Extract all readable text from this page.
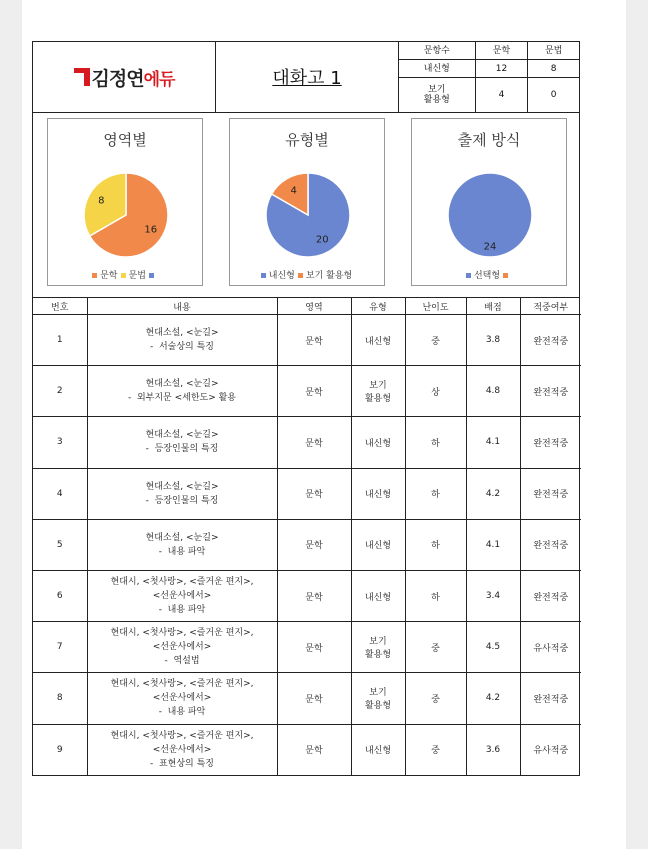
김정연 에듀	대화고 1
문항수	문학	문법
내신형	12	8

보기
활용형	4	0
영역별
16
8
문학 문법
유형별
20
4
내신형 보기 활용형
출제 방식
24
선택형
번호	내용	영역	유형	난이도	배점	적중여부

1	현대소설, <눈길>
-  서술상의 특징	문학	내신형	중	3.8	완전적중

2	현대소설, <눈길>
-  외부지문 <세한도> 활용	문학	보기
활용형	상	4.8	완전적중

3	현대소설, <눈길>
-  등장인물의 특징	문학	내신형	하	4.1	완전적중

4	현대소설, <눈길>
-  등장인물의 특징	문학	내신형	하	4.2	완전적중

5	현대소설, <눈길>
-  내용 파악	문학	내신형	하	4.1	완전적중

6	현대시, <첫사랑>, <즐거운 편지>,
<선운사에서>
-  내용 파악	문학	내신형	하	3.4	완전적중

7	현대시, <첫사랑>, <즐거운 편지>,
<선운사에서>
-  역설법	문학	보기
활용형	중	4.5	유사적중

8	현대시, <첫사랑>, <즐거운 편지>,
<선운사에서>
-  내용 파악	문학	보기
활용형	중	4.2	완전적중

9	현대시, <첫사랑>, <즐거운 편지>,
<선운사에서>
-  표현상의 특징	문학	내신형	중	3.6	유사적중
